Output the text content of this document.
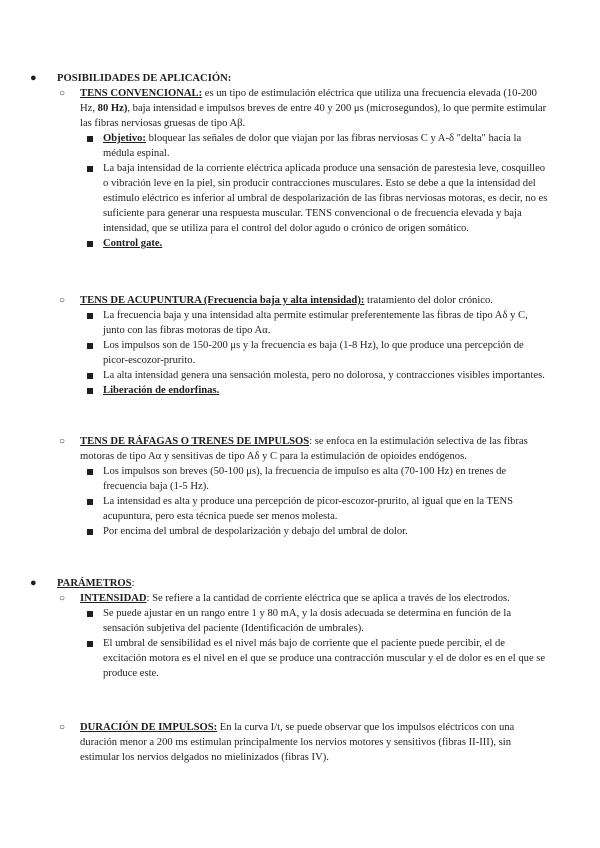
● POSIBILIDADES DE APLICACIÓN:
○ TENS CONVENCIONAL: es un tipo de estimulación eléctrica que utiliza una frecuencia elevada (10-200 Hz, 80 Hz), baja intensidad e impulsos breves de entre 40 y 200 μs (microsegundos), lo que permite estimular las fibras nerviosas gruesas de tipo Aβ.
Objetivo: bloquear las señales de dolor que viajan por las fibras nerviosas C y A-δ "delta" hacia la médula espinal.
La baja intensidad de la corriente eléctrica aplicada produce una sensación de parestesia leve, cosquilleo o vibración leve en la piel, sin producir contracciones musculares. Esto se debe a que la intensidad del estímulo eléctrico es inferior al umbral de despolarización de las fibras nerviosas motoras, es decir, no es suficiente para generar una respuesta muscular. TENS convencional o de frecuencia elevada y baja intensidad, que se utiliza para el control del dolor agudo o crónico de origen somático.
Control gate.
○ TENS DE ACUPUNTURA (Frecuencia baja y alta intensidad): tratamiento del dolor crónico.
La frecuencia baja y una intensidad alta permite estimular preferentemente las fibras de tipo Aδ y C, junto con las fibras motoras de tipo Aα.
Los impulsos son de 150-200 μs y la frecuencia es baja (1-8 Hz), lo que produce una percepción de picor-escozor-prurito.
La alta intensidad genera una sensación molesta, pero no dolorosa, y contracciones visibles importantes.
Liberación de endorfinas.
○ TENS DE RÁFAGAS O TRENES DE IMPULSOS: se enfoca en la estimulación selectiva de las fibras motoras de tipo Aα y sensitivas de tipo Aδ y C para la estimulación de opioides endógenos.
Los impulsos son breves (50-100 μs), la frecuencia de impulso es alta (70-100 Hz) en trenes de frecuencia baja (1-5 Hz).
La intensidad es alta y produce una percepción de picor-escozor-prurito, al igual que en la TENS acupuntura, pero esta técnica puede ser menos molesta.
Por encima del umbral de despolarización y debajo del umbral de dolor.
● PARÁMETROS:
○ INTENSIDAD: Se refiere a la cantidad de corriente eléctrica que se aplica a través de los electrodos.
Se puede ajustar en un rango entre 1 y 80 mA, y la dosis adecuada se determina en función de la sensación subjetiva del paciente (Identificación de umbrales).
El umbral de sensibilidad es el nivel más bajo de corriente que el paciente puede percibir, el de excitación motora es el nivel en el que se produce una contracción muscular y el de dolor es en el que se produce este.
○ DURACIÓN DE IMPULSOS: En la curva I/t, se puede observar que los impulsos eléctricos con una duración menor a 200 ms estimulan principalmente los nervios motores y sensitivos (fibras II-III), sin estimular los nervios delgados no mielinizados (fibras IV).
